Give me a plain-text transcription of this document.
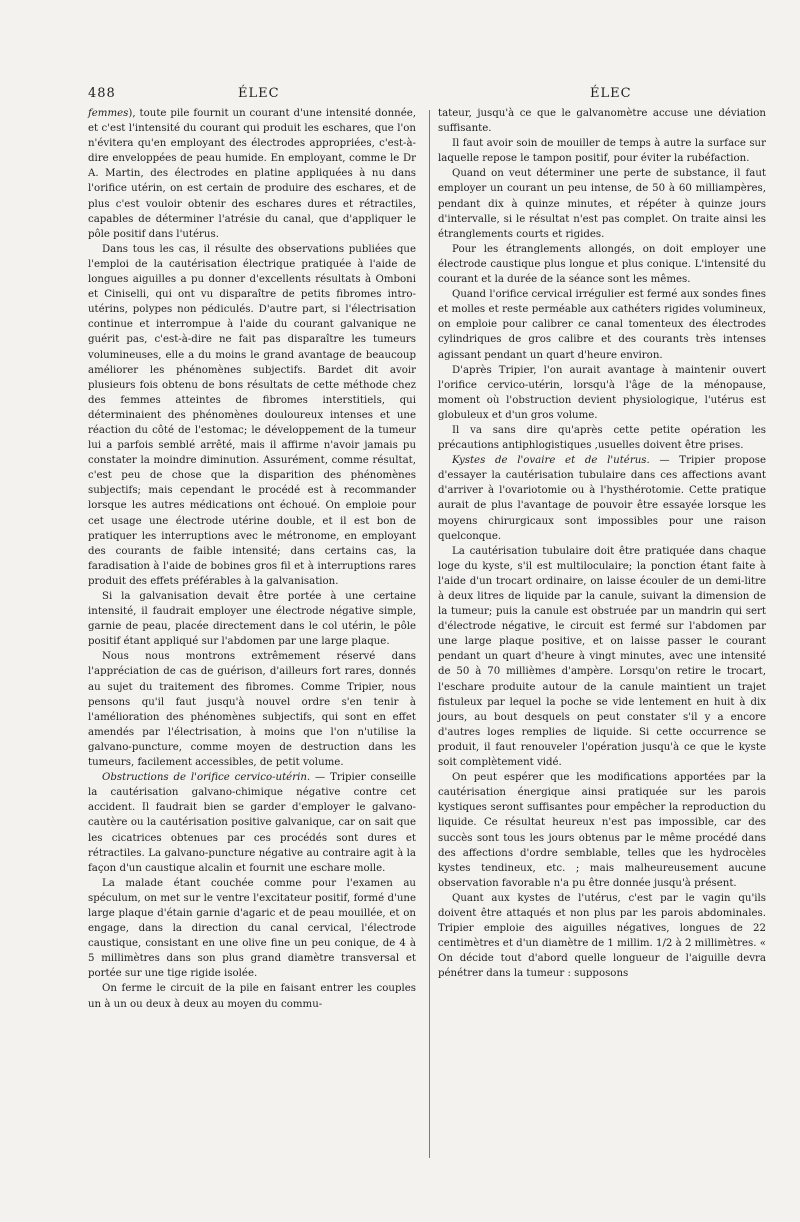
488	ÉLEC	ÉLEC

femmes), toute pile fournit un courant d'une intensité donnée, et c'est l'intensité du courant qui produit les eschares, que l'on n'évitera qu'en employant des électrodes appropriées, c'est-à-dire enveloppées de peau humide. En employant, comme le Dr A. Martin, des électrodes en platine appliquées à nu dans l'orifice utérin, on est certain de produire des eschares, et de plus c'est vouloir obtenir des eschares dures et rétractiles, capables de déterminer l'atrésie du canal, que d'appliquer le pôle positif dans l'utérus.

Dans tous les cas, il résulte des observations publiées que l'emploi de la cautérisation électrique pratiquée à l'aide de longues aiguilles a pu donner d'excellents résultats à Omboni et Ciniselli, qui ont vu disparaître de petits fibromes intro-utérins, polypes non pédiculés. D'autre part, si l'électrisation continue et interrompue à l'aide du courant galvanique ne guérit pas, c'est-à-dire ne fait pas disparaître les tumeurs volumineuses, elle a du moins le grand avantage de beaucoup améliorer les phénomènes subjectifs. Bardet dit avoir plusieurs fois obtenu de bons résultats de cette méthode chez des femmes atteintes de fibromes interstitiels, qui déterminaient des phénomènes douloureux intenses et une réaction du côté de l'estomac; le développement de la tumeur lui a parfois semblé arrêté, mais il affirme n'avoir jamais pu constater la moindre diminution. Assurément, comme résultat, c'est peu de chose que la disparition des phénomènes subjectifs; mais cependant le procédé est à recommander lorsque les autres médications ont échoué. On emploie pour cet usage une électrode utérine double, et il est bon de pratiquer les interruptions avec le métronome, en employant des courants de faible intensité; dans certains cas, la faradisation à l'aide de bobines gros fil et à interruptions rares produit des effets préférables à la galvanisation.

Si la galvanisation devait être portée à une certaine intensité, il faudrait employer une électrode négative simple, garnie de peau, placée directement dans le col utérin, le pôle positif étant appliqué sur l'abdomen par une large plaque.

Nous nous montrons extrêmement réservé dans l'appréciation de cas de guérison, d'ailleurs fort rares, donnés au sujet du traitement des fibromes. Comme Tripier, nous pensons qu'il faut jusqu'à nouvel ordre s'en tenir à l'amélioration des phénomènes subjectifs, qui sont en effet amendés par l'électrisation, à moins que l'on n'utilise la galvano-puncture, comme moyen de destruction dans les tumeurs, facilement accessibles, de petit volume.

Obstructions de l'orifice cervico-utérin. — Tripier conseille la cautérisation galvano-chimique négative contre cet accident. Il faudrait bien se garder d'employer le galvano-cautère ou la cautérisation positive galvanique, car on sait que les cicatrices obtenues par ces procédés sont dures et rétractiles. La galvano-puncture négative au contraire agit à la façon d'un caustique alcalin et fournit une eschare molle.

La malade étant couchée comme pour l'examen au spéculum, on met sur le ventre l'excitateur positif, formé d'une large plaque d'étain garnie d'agaric et de peau mouillée, et on engage, dans la direction du canal cervical, l'électrode caustique, consistant en une olive fine un peu conique, de 4 à 5 millimètres dans son plus grand diamètre transversal et portée sur une tige rigide isolée.

On ferme le circuit de la pile en faisant entrer les couples un à un ou deux à deux au moyen du commu-

tateur, jusqu'à ce que le galvanomètre accuse une déviation suffisante.

Il faut avoir soin de mouiller de temps à autre la surface sur laquelle repose le tampon positif, pour éviter la rubéfaction.

Quand on veut déterminer une perte de substance, il faut employer un courant un peu intense, de 50 à 60 milliampères, pendant dix à quinze minutes, et répéter à quinze jours d'intervalle, si le résultat n'est pas complet. On traite ainsi les étranglements courts et rigides.

Pour les étranglements allongés, on doit employer une électrode caustique plus longue et plus conique. L'intensité du courant et la durée de la séance sont les mêmes.

Quand l'orifice cervical irrégulier est fermé aux sondes fines et molles et reste perméable aux cathéters rigides volumineux, on emploie pour calibrer ce canal tomenteux des électrodes cylindriques de gros calibre et des courants très intenses agissant pendant un quart d'heure environ.

D'après Tripier, l'on aurait avantage à maintenir ouvert l'orifice cervico-utérin, lorsqu'à l'âge de la ménopause, moment où l'obstruction devient physiologique, l'utérus est globuleux et d'un gros volume.

Il va sans dire qu'après cette petite opération les précautions antiphlogistiques ,usuelles doivent être prises.

Kystes de l'ovaire et de l'utérus. — Tripier propose d'essayer la cautérisation tubulaire dans ces affections avant d'arriver à l'ovariotomie ou à l'hysthérotomie. Cette pratique aurait de plus l'avantage de pouvoir être essayée lorsque les moyens chirurgicaux sont impossibles pour une raison quelconque.

La cautérisation tubulaire doit être pratiquée dans chaque loge du kyste, s'il est multiloculaire; la ponction étant faite à l'aide d'un trocart ordinaire, on laisse écouler de un demi-litre à deux litres de liquide par la canule, suivant la dimension de la tumeur; puis la canule est obstruée par un mandrin qui sert d'électrode négative, le circuit est fermé sur l'abdomen par une large plaque positive, et on laisse passer le courant pendant un quart d'heure à vingt minutes, avec une intensité de 50 à 70 millièmes d'ampère. Lorsqu'on retire le trocart, l'eschare produite autour de la canule maintient un trajet fistuleux par lequel la poche se vide lentement en huit à dix jours, au bout desquels on peut constater s'il y a encore d'autres loges remplies de liquide. Si cette occurrence se produit, il faut renouveler l'opération jusqu'à ce que le kyste soit complètement vidé.

On peut espérer que les modifications apportées par la cautérisation énergique ainsi pratiquée sur les parois kystiques seront suffisantes pour empêcher la reproduction du liquide. Ce résultat heureux n'est pas impossible, car des succès sont tous les jours obtenus par le même procédé dans des affections d'ordre semblable, telles que les hydrocèles kystes tendineux, etc. ; mais malheureusement aucune observation favorable n'a pu être donnée jusqu'à présent.

Quant aux kystes de l'utérus, c'est par le vagin qu'ils doivent être attaqués et non plus par les parois abdominales. Tripier emploie des aiguilles négatives, longues de 22 centimètres et d'un diamètre de 1 millim. 1/2 à 2 millimètres. « On décide tout d'abord quelle longueur de l'aiguille devra pénétrer dans la tumeur : supposons
